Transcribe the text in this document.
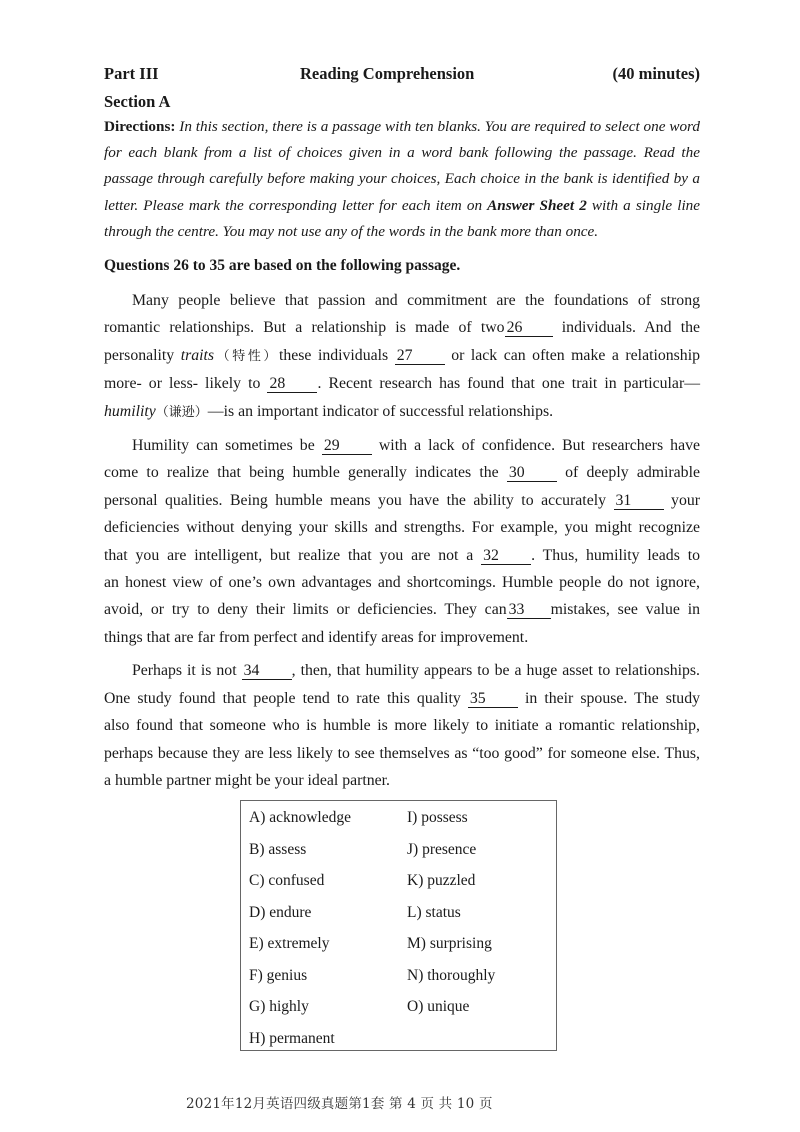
Part III	Reading Comprehension	(40 minutes)
Section A
Directions: In this section, there is a passage with ten blanks. You are required to select one word for each blank from a list of choices given in a word bank following the passage. Read the passage through carefully before making your choices, Each choice in the bank is identified by a letter. Please mark the corresponding letter for each item on Answer Sheet 2 with a single line through the centre. You may not use any of the words in the bank more than once.
Questions 26 to 35 are based on the following passage.
Many people believe that passion and commitment are the foundations of strong
romantic relationships. But a relationship is made of two 26 individuals. And the
personality traits（特性）these individuals 27 or lack can often make a relationship
more- or less- likely to 28 . Recent research has found that one trait in particular—
humility（谦逊）—is an important indicator of successful relationships.
Humility can sometimes be 29 with a lack of confidence. But researchers have
come to realize that being humble generally indicates the 30 of deeply admirable
personal qualities. Being humble means you have the ability to accurately 31 your
deficiencies without denying your skills and strengths. For example, you might recognize
that you are intelligent, but realize that you are not a 32 . Thus, humility leads to
an honest view of one’s own advantages and shortcomings. Humble people do not ignore,
avoid, or try to deny their limits or deficiencies. They can 33 mistakes, see value in
things that are far from perfect and identify areas for improvement.
Perhaps it is not 34 , then, that humility appears to be a huge asset to relationships.
One study found that people tend to rate this quality 35 in their spouse. The study
also found that someone who is humble is more likely to initiate a romantic relationship,
perhaps because they are less likely to see themselves as “too good” for someone else. Thus,
a humble partner might be your ideal partner.
A) acknowledge
B) assess
C) confused
D) endure
E) extremely
F) genius
G) highly
H) permanent
I) possess
J) presence
K) puzzled
L) status
M) surprising
N) thoroughly
O) unique
2021年12月英语四级真题第1套 第 4 页 共 10 页
